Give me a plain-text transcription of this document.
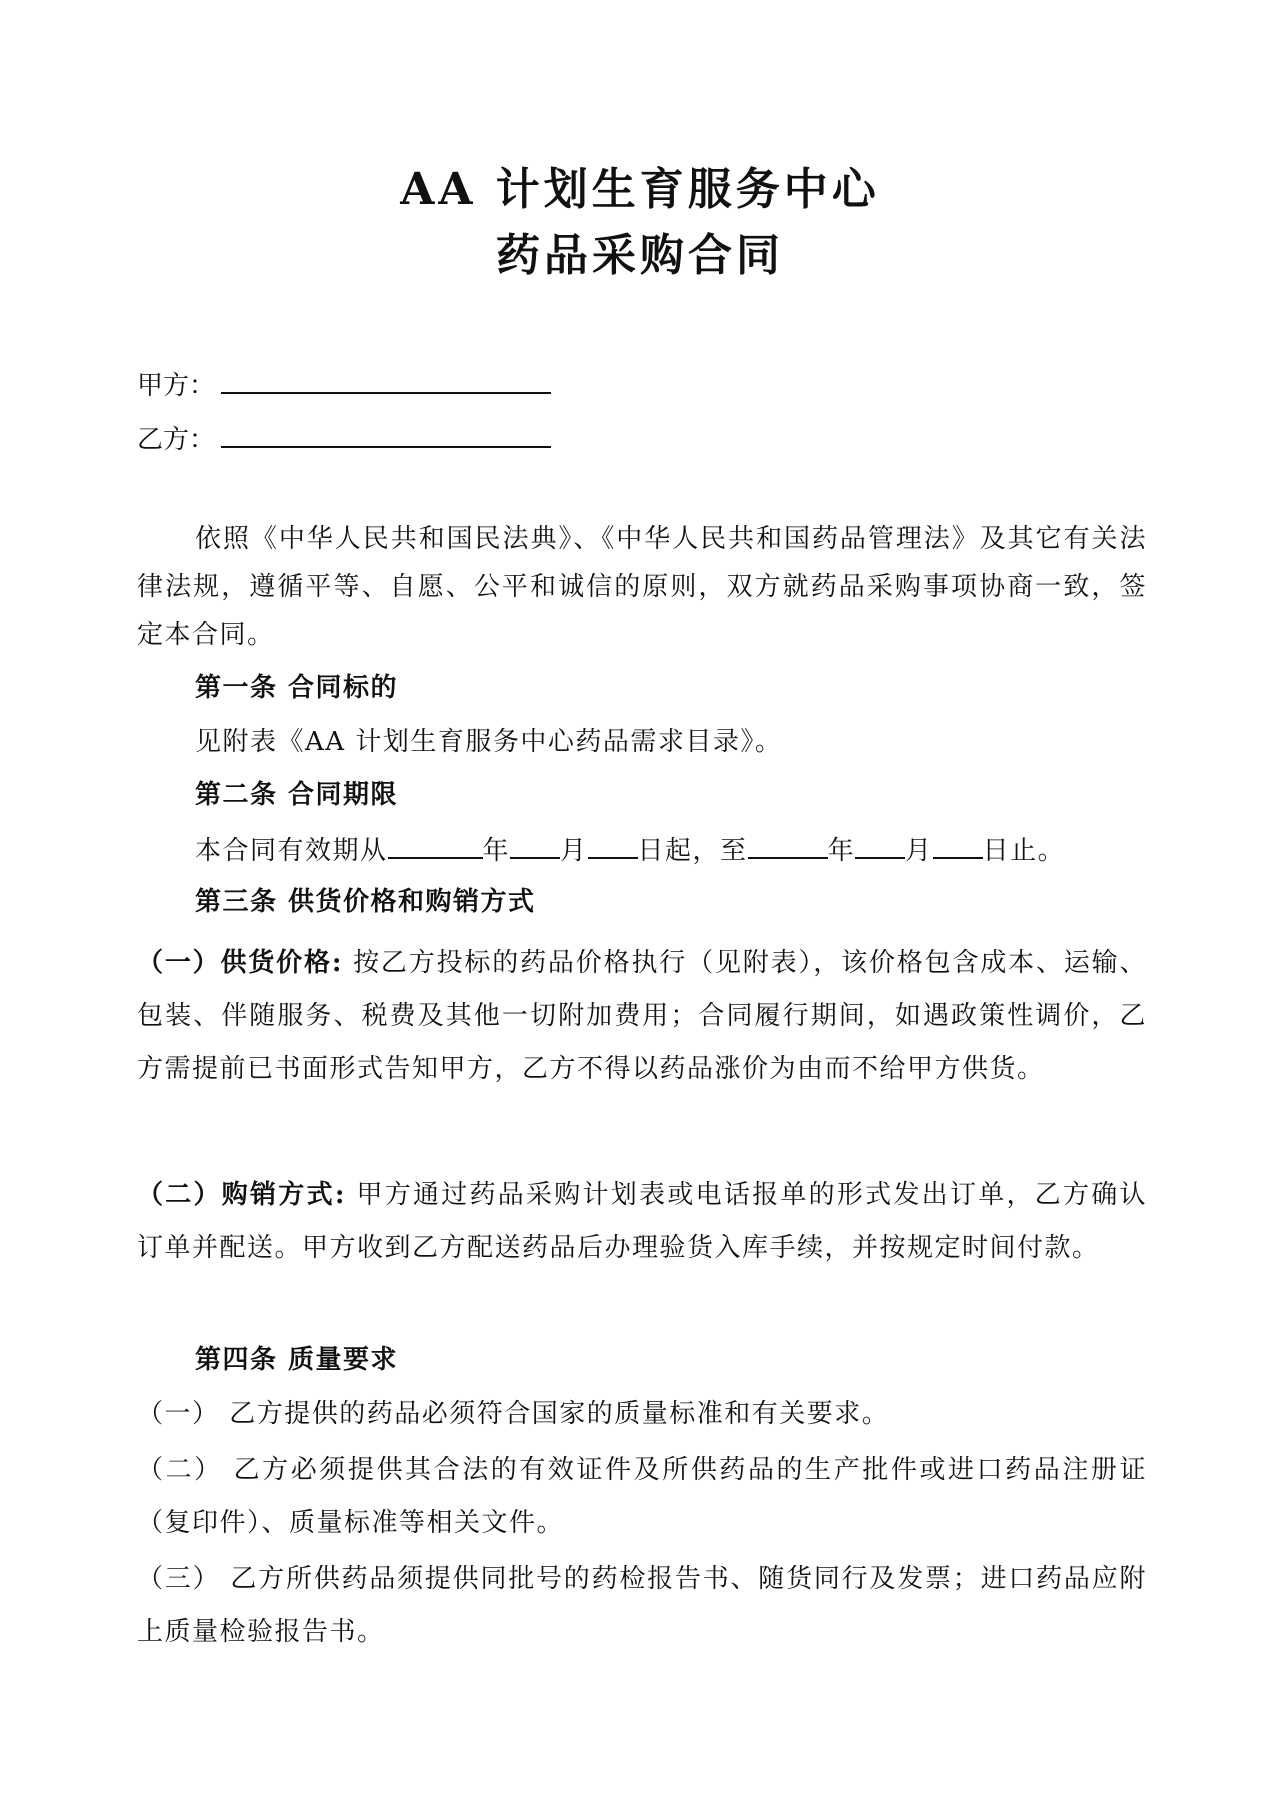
AA 计划生育服务中心
药品采购合同
甲方：
乙方：
依照《中华人民共和国民法典》、《中华人民共和国药品管理法》及其它有关法律法规，遵循平等、自愿、公平和诚信的原则，双方就药品采购事项协商一致，签定本合同。
第一条 合同标的
见附表《AA 计划生育服务中心药品需求目录》。
第二条 合同期限
本合同有效期从	年 月 日起，至	年 月 日止。
第三条 供货价格和购销方式
（一）供货价格: 按乙方投标的药品价格执行（见附表），该价格包含成本、运输、包装、伴随服务、税费及其他一切附加费用；合同履行期间，如遇政策性调价，乙方需提前已书面形式告知甲方，乙方不得以药品涨价为由而不给甲方供货。
（二）购销方式: 甲方通过药品采购计划表或电话报单的形式发出订单，乙方确认订单并配送。甲方收到乙方配送药品后办理验货入库手续，并按规定时间付款。
第四条 质量要求
（一） 乙方提供的药品必须符合国家的质量标准和有关要求。
（二） 乙方必须提供其合法的有效证件及所供药品的生产批件或进口药品注册证（复印件）、质量标准等相关文件。
（三） 乙方所供药品须提供同批号的药检报告书、随货同行及发票；进口药品应附上质量检验报告书。
